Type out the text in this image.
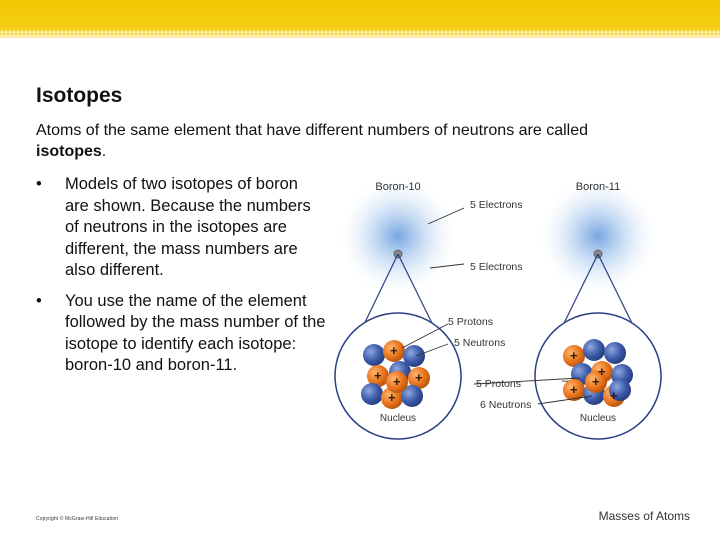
Isotopes
Atoms of the same element that have different numbers of neutrons are called isotopes.
• Models of two isotopes of boron are shown. Because the numbers of neutrons in the isotopes are different, the mass numbers are also different.
• You use the name of the element followed by the mass number of the isotope to identify each isotope: boron-10 and boron-11.
+
+	+
+
+
Nucleus
Boron-10
+
+
+ +
+
Nucleus
Boron-11
5 Electrons
5 Electrons
5 Protons
5 Neutrons
5 Protons
6 Neutrons
–
Copyright © McGraw-Hill Education	Masses of Atoms
